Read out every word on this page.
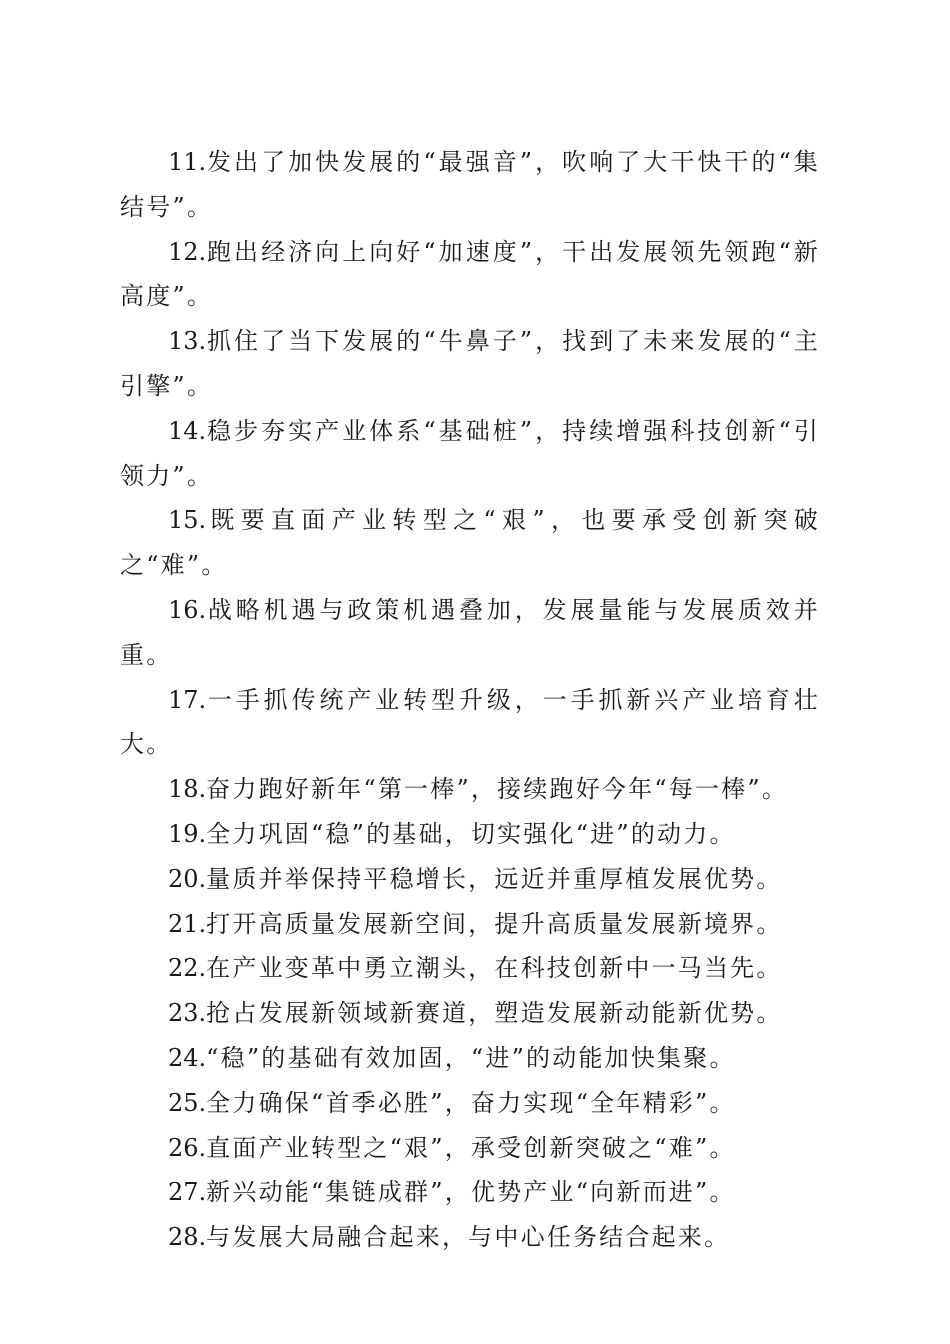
11.发出了加快发展的“最强音”，吹响了大干快干的“集结号”。

12.跑出经济向上向好“加速度”，干出发展领先领跑“新高度”。

13.抓住了当下发展的“牛鼻子”，找到了未来发展的“主引擎”。

14.稳步夯实产业体系“基础桩”，持续增强科技创新“引领力”。

15.既要直面产业转型之“艰”，也要承受创新突破之“难”。

16.战略机遇与政策机遇叠加，发展量能与发展质效并重。

17.一手抓传统产业转型升级，一手抓新兴产业培育壮大。

18.奋力跑好新年“第一棒”，接续跑好今年“每一棒”。

19.全力巩固“稳”的基础，切实强化“进”的动力。

20.量质并举保持平稳增长，远近并重厚植发展优势。

21.打开高质量发展新空间，提升高质量发展新境界。

22.在产业变革中勇立潮头，在科技创新中一马当先。

23.抢占发展新领域新赛道，塑造发展新动能新优势。

24.“稳”的基础有效加固，“进”的动能加快集聚。

25.全力确保“首季必胜”，奋力实现“全年精彩”。

26.直面产业转型之“艰”，承受创新突破之“难”。

27.新兴动能“集链成群”，优势产业“向新而进”。

28.与发展大局融合起来，与中心任务结合起来。
